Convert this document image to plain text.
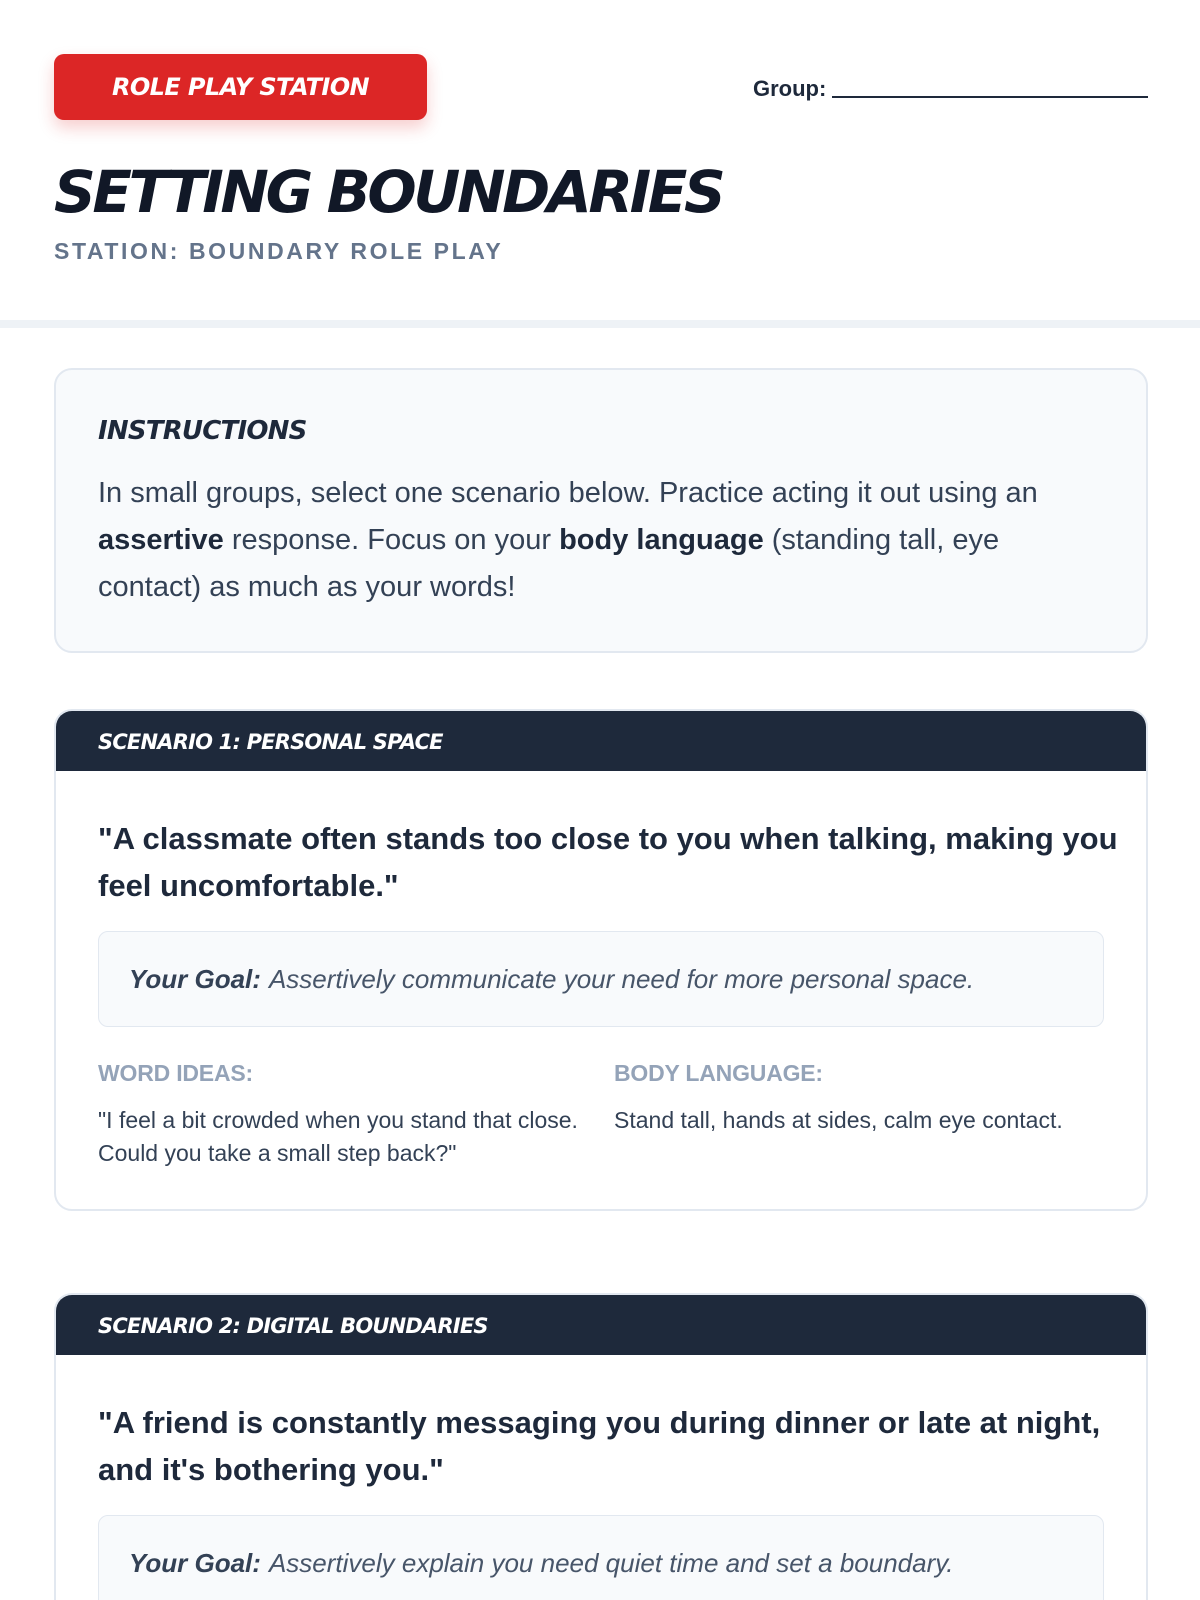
ROLE PLAY STATION	Group:
SETTING BOUNDARIES
STATION: BOUNDARY ROLE PLAY
INSTRUCTIONS

In small groups, select one scenario below. Practice acting it out using an assertive response. Focus on your body language (standing tall, eye contact) as much as your words!

SCENARIO 1: PERSONAL SPACE
"A classmate often stands too close to you when talking, making you feel uncomfortable."
Your Goal: Assertively communicate your need for more personal space.
WORD IDEAS:
"I feel a bit crowded when you stand that close. Could you take a small step back?"
BODY LANGUAGE:
Stand tall, hands at sides, calm eye contact.
SCENARIO 2: DIGITAL BOUNDARIES
"A friend is constantly messaging you during dinner or late at night, and it's bothering you."
Your Goal: Assertively explain you need quiet time and set a boundary.
